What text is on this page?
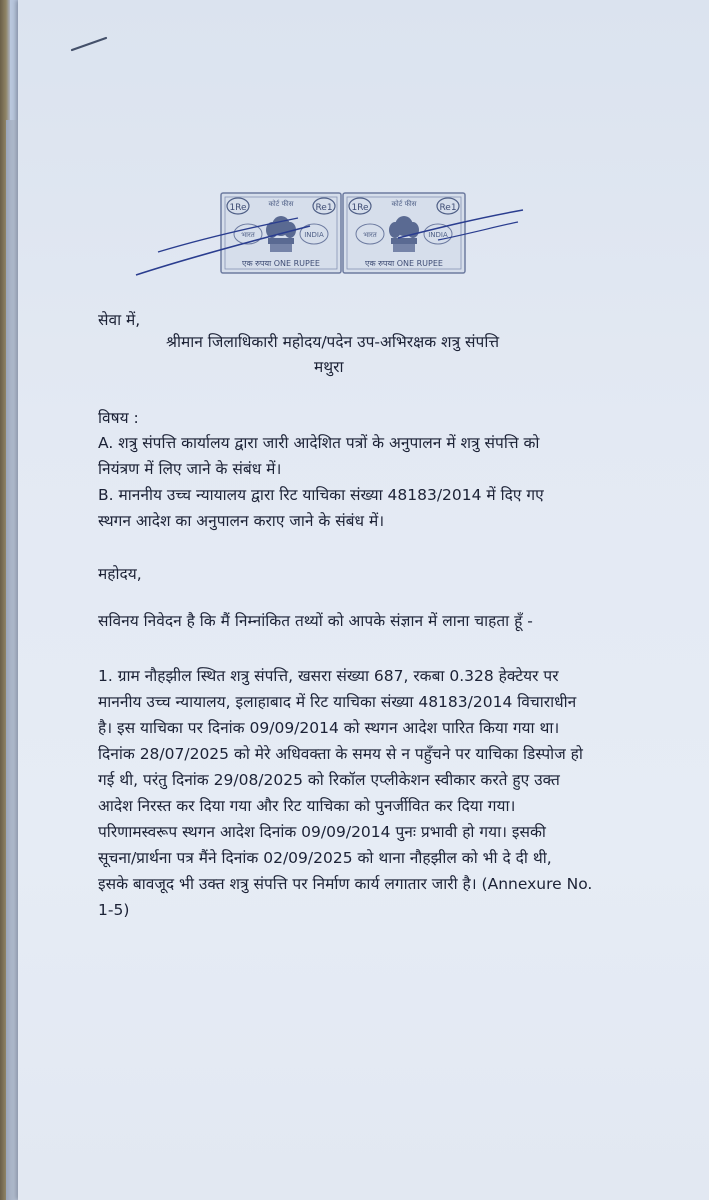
1Re	Re1
कोर्ट फीस
भारत	INDIA
एक रुपया ONE RUPEE
1Re	Re1
कोर्ट फीस
भारत	INDIA
एक रुपया ONE RUPEE
सेवा में,
श्रीमान जिलाधिकारी महोदय/पदेन उप-अभिरक्षक शत्रु संपत्ति
मथुरा
विषय :
A. शत्रु संपत्ति कार्यालय द्वारा जारी आदेशित पत्रों के अनुपालन में शत्रु संपत्ति को
नियंत्रण में लिए जाने के संबंध में।
B. माननीय उच्च न्यायालय द्वारा रिट याचिका संख्या 48183/2014 में दिए गए
स्थगन आदेश का अनुपालन कराए जाने के संबंध में।
महोदय,
सविनय निवेदन है कि मैं निम्नांकित तथ्यों को आपके संज्ञान में लाना चाहता हूँ -
1. ग्राम नौहझील स्थित शत्रु संपत्ति, खसरा संख्या 687, रकबा 0.328 हेक्टेयर पर
माननीय उच्च न्यायालय, इलाहाबाद में रिट याचिका संख्या 48183/2014 विचाराधीन
है। इस याचिका पर दिनांक 09/09/2014 को स्थगन आदेश पारित किया गया था।
दिनांक 28/07/2025 को मेरे अधिवक्ता के समय से न पहुँचने पर याचिका डिस्पोज हो
गई थी, परंतु दिनांक 29/08/2025 को रिकॉल एप्लीकेशन स्वीकार करते हुए उक्त
आदेश निरस्त कर दिया गया और रिट याचिका को पुनर्जीवित कर दिया गया।
परिणामस्वरूप स्थगन आदेश दिनांक 09/09/2014 पुनः प्रभावी हो गया। इसकी
सूचना/प्रार्थना पत्र मैंने दिनांक 02/09/2025 को थाना नौहझील को भी दे दी थी,
इसके बावजूद भी उक्त शत्रु संपत्ति पर निर्माण कार्य लगातार जारी है। (Annexure No.
1-5)
